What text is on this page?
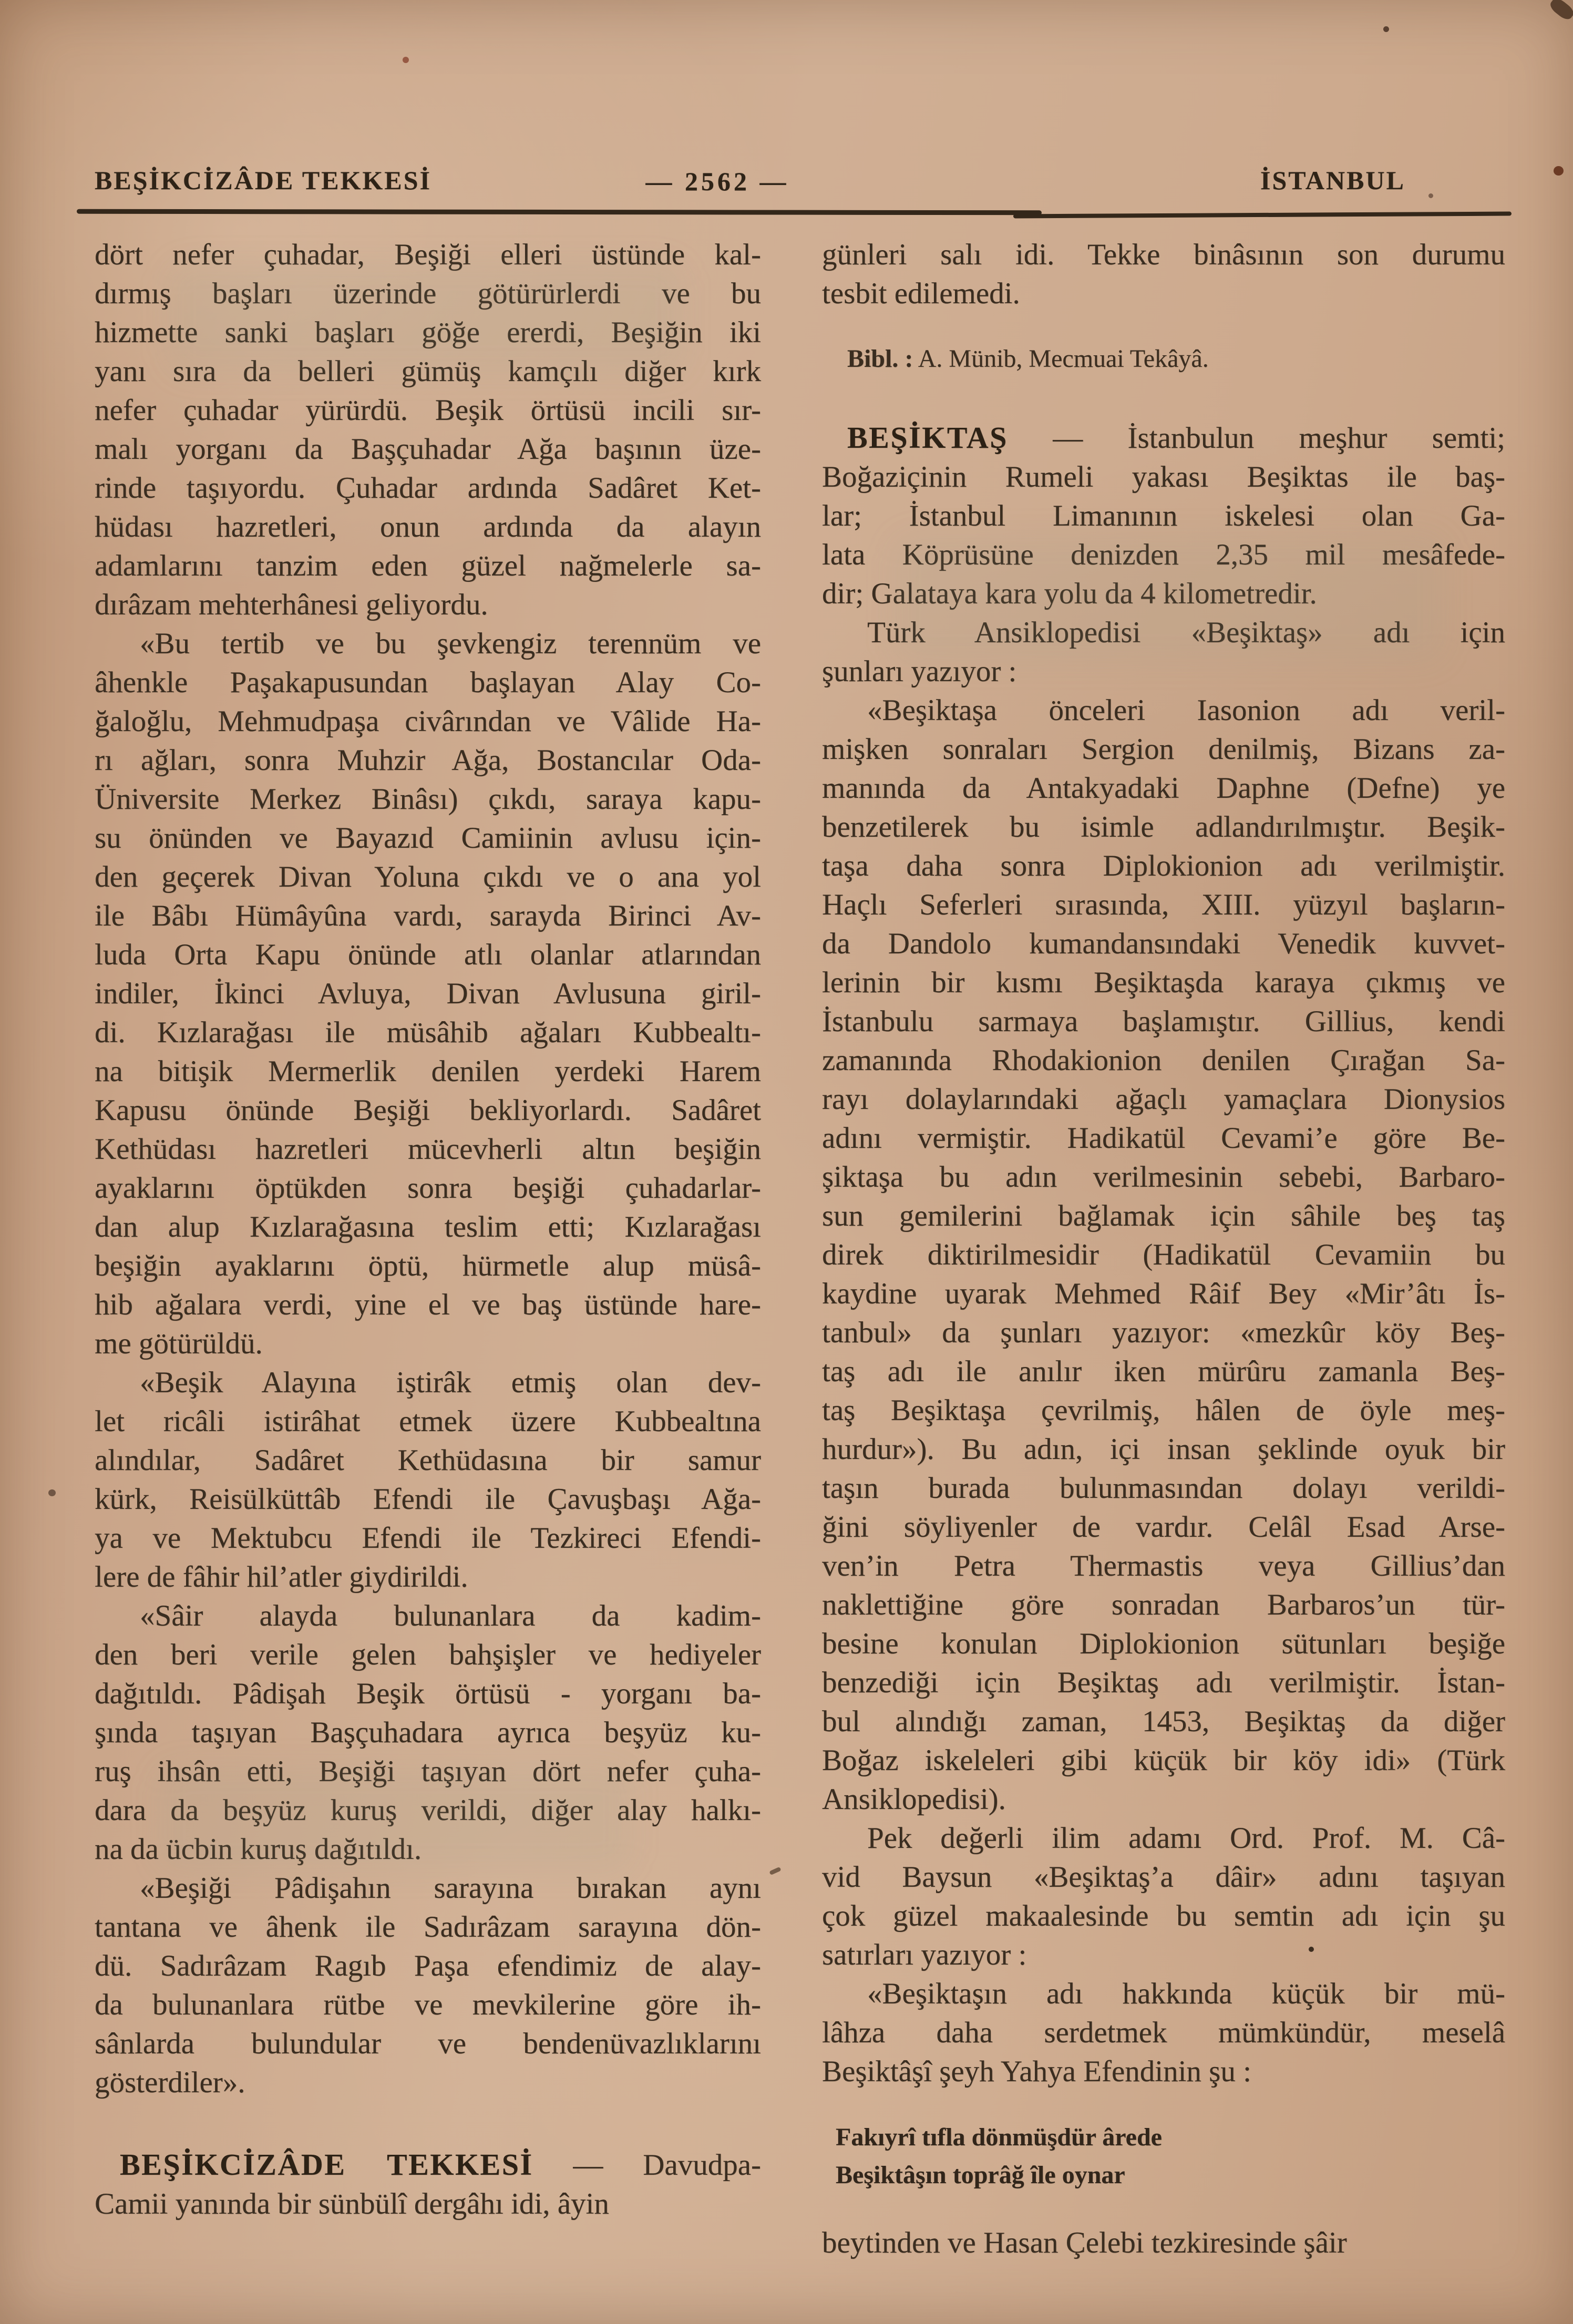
BEŞİKCİZÂDE TEKKESİ	— 2562 —	İSTANBUL
dört nefer çuhadar, Beşiği elleri üstünde kal-
dırmış başları üzerinde götürürlerdi ve bu
hizmette sanki başları göğe ererdi, Beşiğin iki
yanı sıra da belleri gümüş kamçılı diğer kırk
nefer çuhadar yürürdü. Beşik örtüsü incili sır-
malı yorganı da Başçuhadar Ağa başının üze-
rinde taşıyordu. Çuhadar ardında Sadâret Ket-
hüdası hazretleri, onun ardında da alayın
adamlarını tanzim eden güzel nağmelerle sa-
dırâzam mehterhânesi geliyordu.
«Bu tertib ve bu şevkengiz terennüm ve
âhenkle Paşakapusundan başlayan Alay Co-
ğaloğlu, Mehmudpaşa civârından ve Vâlide Ha-
rı ağları, sonra Muhzir Ağa, Bostancılar Oda-
Üniversite Merkez Binâsı) çıkdı, saraya kapu-
su önünden ve Bayazıd Camiinin avlusu için-
den geçerek Divan Yoluna çıkdı ve o ana yol
ile Bâbı Hümâyûna vardı, sarayda Birinci Av-
luda Orta Kapu önünde atlı olanlar atlarından
indiler, İkinci Avluya, Divan Avlusuna giril-
di. Kızlarağası ile müsâhib ağaları Kubbealtı-
na bitişik Mermerlik denilen yerdeki Harem
Kapusu önünde Beşiği bekliyorlardı. Sadâret
Kethüdası hazretleri mücevherli altın beşiğin
ayaklarını öptükden sonra beşiği çuhadarlar-
dan alup Kızlarağasına teslim etti; Kızlarağası
beşiğin ayaklarını öptü, hürmetle alup müsâ-
hib ağalara verdi, yine el ve baş üstünde hare-
me götürüldü.
«Beşik Alayına iştirâk etmiş olan dev-
let ricâli istirâhat etmek üzere Kubbealtına
alındılar, Sadâret Kethüdasına bir samur
kürk, Reisülküttâb Efendi ile Çavuşbaşı Ağa-
ya ve Mektubcu Efendi ile Tezkireci Efendi-
lere de fâhir hil’atler giydirildi.
«Sâir alayda bulunanlara da kadim-
den beri verile gelen bahşişler ve hediyeler
dağıtıldı. Pâdişah Beşik örtüsü - yorganı ba-
şında taşıyan Başçuhadara ayrıca beşyüz ku-
ruş ihsân etti, Beşiği taşıyan dört nefer çuha-
dara da beşyüz kuruş verildi, diğer alay halkı-
na da ücbin kuruş dağıtıldı.
«Beşiği Pâdişahın sarayına bırakan aynı
tantana ve âhenk ile Sadırâzam sarayına dön-
dü. Sadırâzam Ragıb Paşa efendimiz de alay-
da bulunanlara rütbe ve mevkilerine göre ih-
sânlarda bulundular ve bendenüvazlıklarını
gösterdiler».
BEŞİKCİZÂDE TEKKESİ — Davudpa-
Camii yanında bir sünbülî dergâhı idi, âyin
günleri salı idi. Tekke binâsının son durumu
tesbit edilemedi.
Bibl. : A. Münib, Mecmuai Tekâyâ.
BEŞİKTAŞ — İstanbulun meşhur semti;
Boğaziçinin Rumeli yakası Beşiktas ile baş-
lar; İstanbul Limanının iskelesi olan Ga-
lata Köprüsüne denizden 2,35 mil mesâfede-
dir; Galataya kara yolu da 4 kilometredir.
Türk Ansiklopedisi «Beşiktaş» adı için
şunları yazıyor :
«Beşiktaşa önceleri Iasonion adı veril-
mişken sonraları Sergion denilmiş, Bizans za-
manında da Antakyadaki Daphne (Defne) ye
benzetilerek bu isimle adlandırılmıştır. Beşik-
taşa daha sonra Diplokionion adı verilmiştir.
Haçlı Seferleri sırasında, XIII. yüzyıl başların-
da Dandolo kumandansındaki Venedik kuvvet-
lerinin bir kısmı Beşiktaşda karaya çıkmış ve
İstanbulu sarmaya başlamıştır. Gillius, kendi
zamanında Rhodakionion denilen Çırağan Sa-
rayı dolaylarındaki ağaçlı yamaçlara Dionysios
adını vermiştir. Hadikatül Cevami’e göre Be-
şiktaşa bu adın verilmesinin sebebi, Barbaro-
sun gemilerini bağlamak için sâhile beş taş
direk diktirilmesidir (Hadikatül Cevamiin bu
kaydine uyarak Mehmed Râif Bey «Mir’âtı İs-
tanbul» da şunları yazıyor: «mezkûr köy Beş-
taş adı ile anılır iken mürûru zamanla Beş-
taş Beşiktaşa çevrilmiş, hâlen de öyle meş-
hurdur»). Bu adın, içi insan şeklinde oyuk bir
taşın burada bulunmasından dolayı verildi-
ğini söyliyenler de vardır. Celâl Esad Arse-
ven’in Petra Thermastis veya Gillius’dan
naklettiğine göre sonradan Barbaros’un tür-
besine konulan Diplokionion sütunları beşiğe
benzediği için Beşiktaş adı verilmiştir. İstan-
bul alındığı zaman, 1453, Beşiktaş da diğer
Boğaz iskeleleri gibi küçük bir köy idi» (Türk
Ansiklopedisi).
Pek değerli ilim adamı Ord. Prof. M. Câ-
vid Baysun «Beşiktaş’a dâir» adını taşıyan
çok güzel makaalesinde bu semtin adı için şu
satırları yazıyor :
«Beşiktaşın adı hakkında küçük bir mü-
lâhza daha serdetmek mümkündür, meselâ
Beşiktâşî şeyh Yahya Efendinin şu :
Fakıyrî tıfla dönmüşdür ârede
Beşiktâşın toprâğ île oynar
beytinden ve Hasan Çelebi tezkiresinde şâir
